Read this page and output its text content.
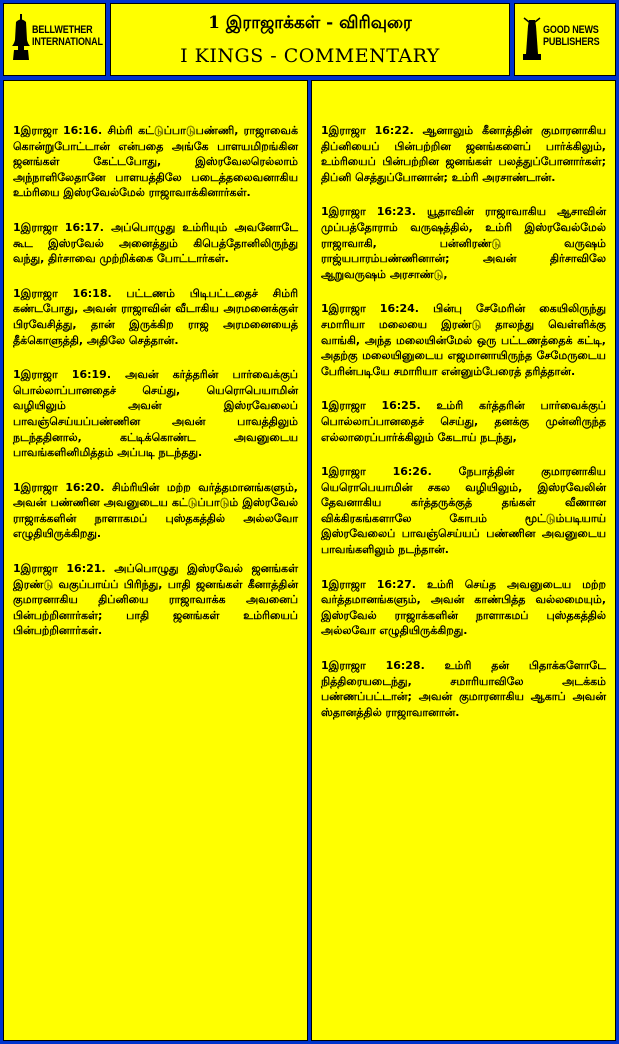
BELLWETHER
INTERNATIONAL
1 இராஜாக்கள் - விரிவுரை
I KINGS - COMMENTARY
GOOD NEWS
PUBLISHERS

1இராஜா 16:16. சிம்ரி கட்டுப்பாடுபண்ணி, ராஜாவைக் கொன்றுபோட்டான் என்பதை அங்கே பாளயமிறங்கின ஜனங்கள் கேட்டபோது, இஸ்ரவேலரெல்லாம் அந்நாளிலேதானே பாளயத்திலே படைத்தலைவனாகிய உம்ரியை இஸ்ரவேல்மேல் ராஜாவாக்கினார்கள்.

1இராஜா 16:17. அப்பொழுது உம்ரியும் அவனோடே கூட இஸ்ரவேல் அனைத்தும் கிபெத்தோனிலிருந்து வந்து, திர்சாவை முற்றிக்கை போட்டார்கள்.

1இராஜா 16:18. பட்டணம் பிடிபட்டதைச் சிம்ரி கண்டபோது, அவன் ராஜாவின் வீடாகிய அரமனைக்குள் பிரவேசித்து, தான் இருக்கிற ராஜ அரமனையைத் தீக்கொளுத்தி, அதிலே செத்தான்.

1இராஜா 16:19. அவன் கர்த்தரின் பார்வைக்குப் பொல்லாப்பானதைச் செய்து, யெரொபெயாமின் வழியிலும் அவன் இஸ்ரவேலைப் பாவஞ்செய்யப்பண்ணின அவன் பாவத்திலும் நடந்ததினால், கட்டிக்கொண்ட அவனுடைய பாவங்களினிமித்தம் அப்படி நடந்தது.

1இராஜா 16:20. சிம்ரியின் மற்ற வர்த்தமானங்களும், அவன் பண்ணின அவனுடைய கட்டுப்பாடும் இஸ்ரவேல் ராஜாக்களின் நாளாகமப் புஸ்தகத்தில் அல்லவோ எழுதியிருக்கிறது.

1இராஜா 16:21. அப்பொழுது இஸ்ரவேல் ஜனங்கள் இரண்டு வகுப்பாய்ப் பிரிந்து, பாதி ஜனங்கள் கீனாத்தின் குமாரனாகிய திப்னியை ராஜாவாக்க அவனைப் பின்பற்றினார்கள்; பாதி ஜனங்கள் உம்ரியைப் பின்பற்றினார்கள்.

1இராஜா 16:22. ஆனாலும் கீனாத்தின் குமாரனாகிய திப்னியைப் பின்பற்றின ஜனங்களைப் பார்க்கிலும், உம்ரியைப் பின்பற்றின ஜனங்கள் பலத்துப்போனார்கள்; திப்னி செத்துப்போனான்; உம்ரி அரசாண்டான்.

1இராஜா 16:23. யூதாவின் ராஜாவாகிய ஆசாவின் முப்பத்தோராம் வருஷத்தில், உம்ரி இஸ்ரவேல்மேல் ராஜாவாகி, பன்னிரண்டு வருஷம் ராஜ்யபாரம்பண்ணினான்; அவன் திர்சாவிலே ஆறுவருஷம் அரசாண்டு,

1இராஜா 16:24. பின்பு சேமேரின் கையிலிருந்து சமாரியா மலையை இரண்டு தாலந்து வெள்ளிக்கு வாங்கி, அந்த மலையின்மேல் ஒரு பட்டணத்தைக் கட்டி, அதற்கு மலையினுடைய எஜமானாயிருந்த சேமேருடைய பேரின்படியே சமாரியா என்னும்பேரைத் தரித்தான்.

1இராஜா 16:25. உம்ரி கர்த்தரின் பார்வைக்குப் பொல்லாப்பானதைச் செய்து, தனக்கு முன்னிருந்த எல்லாரைப்பார்க்கிலும் கேடாய் நடந்து,

1இராஜா 16:26. நேபாத்தின் குமாரனாகிய யெரொபெயாமின் சகல வழியிலும், இஸ்ரவேலின் தேவனாகிய கர்த்தருக்குத் தங்கள் வீணான விக்கிரகங்களாலே கோபம் மூட்டும்படியாய் இஸ்ரவேலைப் பாவஞ்செய்யப் பண்ணின அவனுடைய பாவங்களிலும் நடந்தான்.

1இராஜா 16:27. உம்ரி செய்த அவனுடைய மற்ற வர்த்தமானங்களும், அவன் காண்பித்த வல்லமையும், இஸ்ரவேல் ராஜாக்களின் நாளாகமப் புஸ்தகத்தில் அல்லவோ எழுதியிருக்கிறது.

1இராஜா 16:28. உம்ரி தன் பிதாக்களோடே நித்திரையடைந்து, சமாரியாவிலே அடக்கம் பண்ணப்பட்டான்; அவன் குமாரனாகிய ஆகாப் அவன் ஸ்தானத்தில் ராஜாவானான்.
